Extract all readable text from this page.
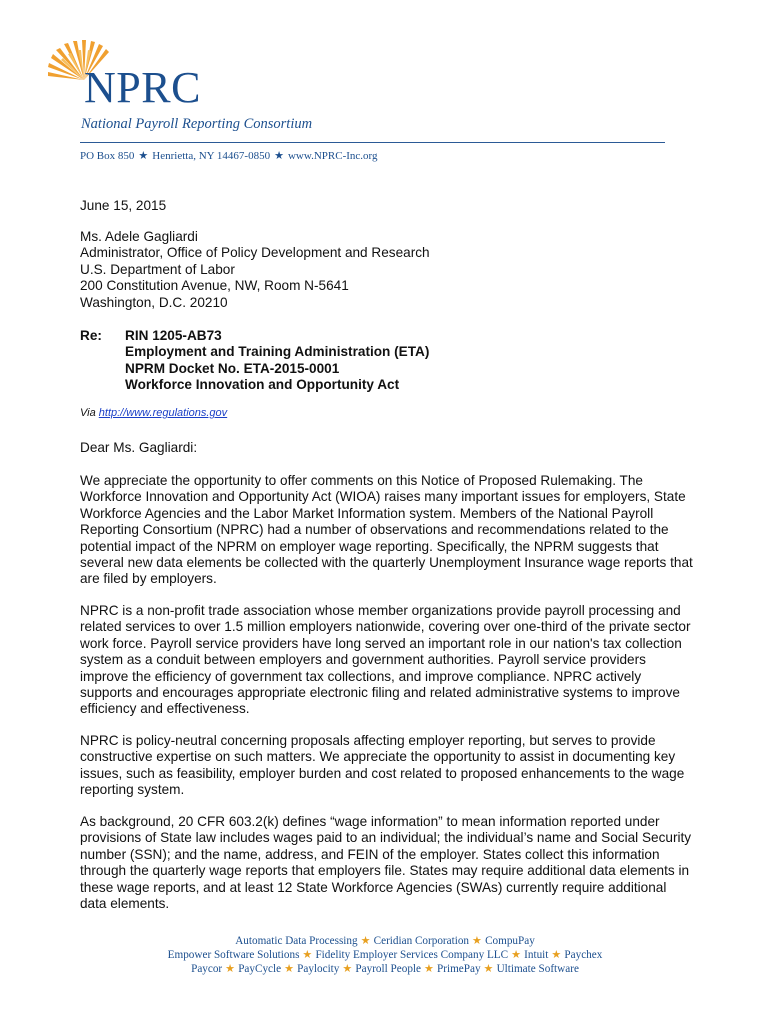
NPRC
National Payroll Reporting Consortium
PO Box 850 ★ Henrietta, NY 14467-0850 ★ www.NPRC-Inc.org
June 15, 2015
Ms. Adele Gagliardi
Administrator, Office of Policy Development and Research
U.S. Department of Labor
200 Constitution Avenue, NW, Room N-5641
Washington, D.C. 20210
Re: RIN 1205-AB73
Employment and Training Administration (ETA)
NPRM Docket No. ETA-2015-0001
Workforce Innovation and Opportunity Act
Via http://www.regulations.gov
Dear Ms. Gagliardi:

We appreciate the opportunity to offer comments on this Notice of Proposed Rulemaking. The Workforce Innovation and Opportunity Act (WIOA) raises many important issues for employers, State Workforce Agencies and the Labor Market Information system. Members of the National Payroll Reporting Consortium (NPRC) had a number of observations and recommendations related to the potential impact of the NPRM on employer wage reporting. Specifically, the NPRM suggests that several new data elements be collected with the quarterly Unemployment Insurance wage reports that are filed by employers.

NPRC is a non-profit trade association whose member organizations provide payroll processing and related services to over 1.5 million employers nationwide, covering over one-third of the private sector work force. Payroll service providers have long served an important role in our nation's tax collection system as a conduit between employers and government authorities. Payroll service providers improve the efficiency of government tax collections, and improve compliance. NPRC actively supports and encourages appropriate electronic filing and related administrative systems to improve efficiency and effectiveness.

NPRC is policy-neutral concerning proposals affecting employer reporting, but serves to provide constructive expertise on such matters. We appreciate the opportunity to assist in documenting key issues, such as feasibility, employer burden and cost related to proposed enhancements to the wage reporting system.

As background, 20 CFR 603.2(k) defines “wage information” to mean information reported under provisions of State law includes wages paid to an individual; the individual’s name and Social Security number (SSN); and the name, address, and FEIN of the employer. States collect this information through the quarterly wage reports that employers file. States may require additional data elements in these wage reports, and at least 12 State Workforce Agencies (SWAs) currently require additional data elements.

Automatic Data Processing ★ Ceridian Corporation ★ CompuPay
Empower Software Solutions ★ Fidelity Employer Services Company LLC ★ Intuit ★ Paychex
Paycor ★ PayCycle ★ Paylocity ★ Payroll People ★ PrimePay ★ Ultimate Software
